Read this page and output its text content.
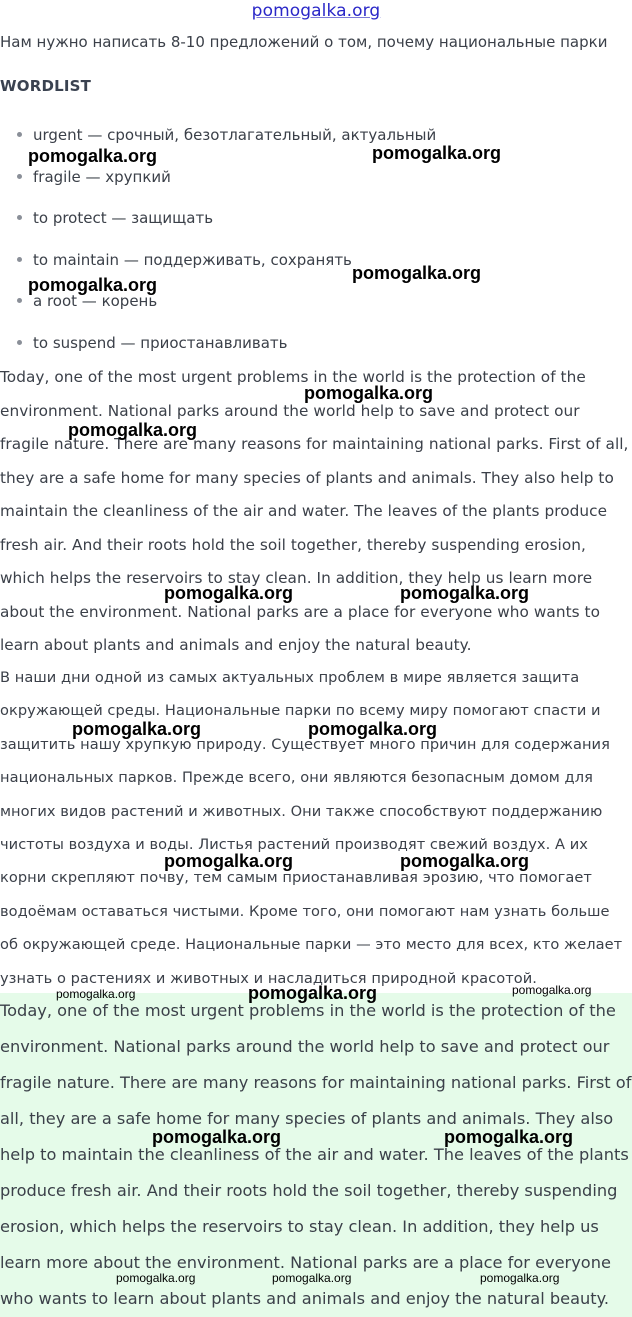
pomogalka.org
Нам нужно написать 8-10 предложений о том, почему национальные парки
WORDLIST
urgent — срочный, безотлагательный, актуальный
fragile — хрупкий
to protect — защищать
to maintain — поддерживать, сохранять
a root — корень
to suspend — приостанавливать

Today, one of the most urgent problems in the world is the protection of the environment. National parks around the world help to save and protect our fragile nature. There are many reasons for maintaining national parks. First of all, they are a safe home for many species of plants and animals. They also help to maintain the cleanliness of the air and water. The leaves of the plants produce fresh air. And their roots hold the soil together, thereby suspending erosion, which helps the reservoirs to stay clean. In addition, they help us learn more about the environment. National parks are a place for everyone who wants to learn about plants and animals and enjoy the natural beauty.

В наши дни одной из самых актуальных проблем в мире является защита окружающей среды. Национальные парки по всему миру помогают спасти и защитить нашу хрупкую природу. Существует много причин для содержания национальных парков. Прежде всего, они являются безопасным домом для многих видов растений и животных. Они также способствуют поддержанию чистоты воздуха и воды. Листья растений производят свежий воздух. А их корни скрепляют почву, тем самым приостанавливая эрозию, что помогает водоёмам оставаться чистыми. Кроме того, они помогают нам узнать больше об окружающей среде. Национальные парки — это место для всех, кто желает узнать о растениях и животных и насладиться природной красотой.

Today, one of the most urgent problems in the world is the protection of the environment. National parks around the world help to save and protect our fragile nature. There are many reasons for maintaining national parks. First of all, they are a safe home for many species of plants and animals. They also help to maintain the cleanliness of the air and water. The leaves of the plants produce fresh air. And their roots hold the soil together, thereby suspending erosion, which helps the reservoirs to stay clean. In addition, they help us learn more about the environment. National parks are a place for everyone who wants to learn about plants and animals and enjoy the natural beauty.

pomogalka.org	pomogalka.org
pomogalka.org
pomogalka.org
pomogalka.org
pomogalka.org
pomogalka.org	pomogalka.org
pomogalka.org	pomogalka.org
pomogalka.org	pomogalka.org
pomogalka.org	pomogalka.org	pomogalka.org
pomogalka.org	pomogalka.org
pomogalka.org	pomogalka.org	pomogalka.org
